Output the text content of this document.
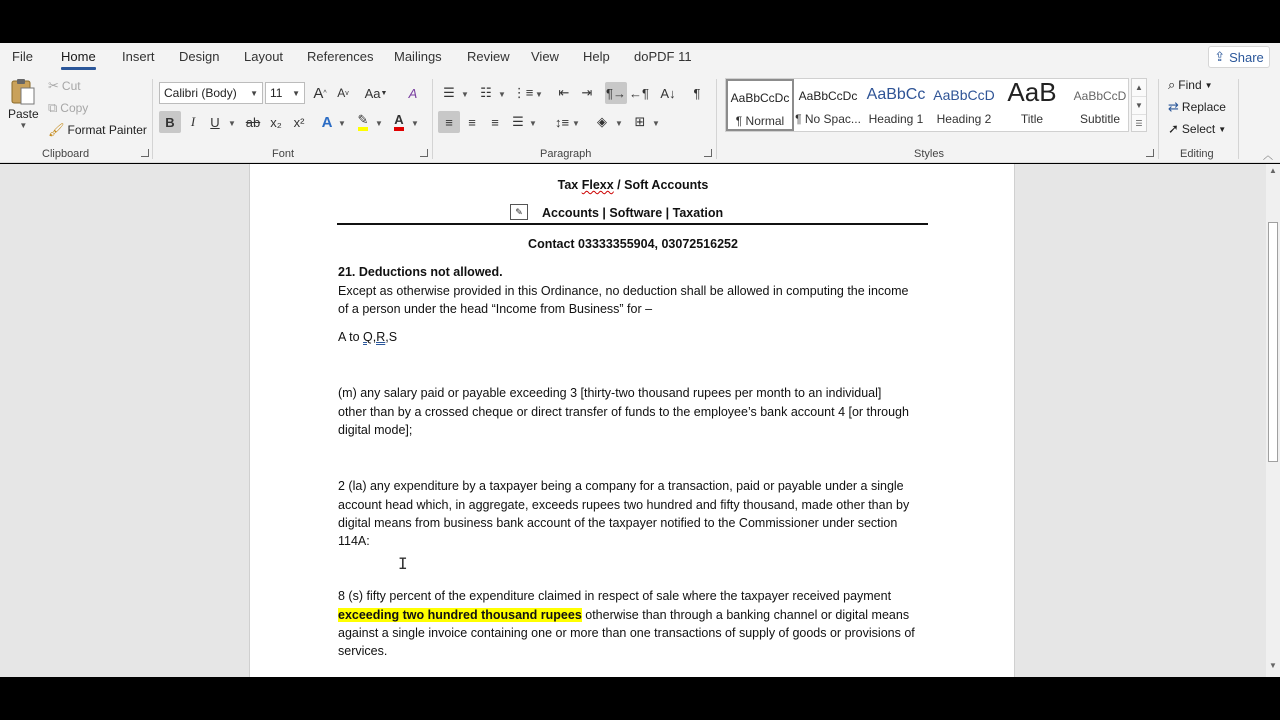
File Home Insert Design Layout References Mailings Review View Help doPDF 11	⇪ Share
Paste
▼
✂ Cut
⧉ Copy
🖌 Format Painter
Clipboard
Calibri (Body) ▼ 11 ▼ A ^ A v Aa ▼ A
B I U ▼ ab x₂ x² A ▼ ✎ ▼ A ▼
Font
☰ ▼ ☷ ▼ ⋮≡ ▼ ⇤ ⇥ ¶→ ←¶ A↓ ¶
≡ ≡ ≡ ☰ ▼ ↕≡ ▼ ◈ ▼ ⊞ ▼
Paragraph	Styles
⌕ Find ▼
⇄ Replace
➚ Select ▼
Editing	︿
AaBbCcDc
¶ Normal
AaBbCcDc
¶ No Spac...
AaBbCc
Heading 1
AaBbCcD
Heading 2
AaB
Title
AaBbCcD
Subtitle
▲
▼
☰
Tax Flexx / Soft Accounts
✎	Accounts | Software | Taxation
Contact 03333355904, 03072516252
21. Deductions not allowed.
Except as otherwise provided in this Ordinance, no deduction shall be allowed in computing the income
of a person under the head “Income from Business” for –
A to Q,R,S
(m) any salary paid or payable exceeding 3 [thirty-two thousand rupees per month to an individual]
other than by a crossed cheque or direct transfer of funds to the employee’s bank account 4 [or through
digital mode];
2 (la) any expenditure by a taxpayer being a company for a transaction, paid or payable under a single
account head which, in aggregate, exceeds rupees two hundred and fifty thousand, made other than by
digital means from business bank account of the taxpayer notified to the Commissioner under section
114A:
I
8 (s) fifty percent of the expenditure claimed in respect of sale where the taxpayer received payment
exceeding two hundred thousand rupees otherwise than through a banking channel or digital means
against a single invoice containing one or more than one transactions of supply of goods or provisions of
services.
▲
▼
